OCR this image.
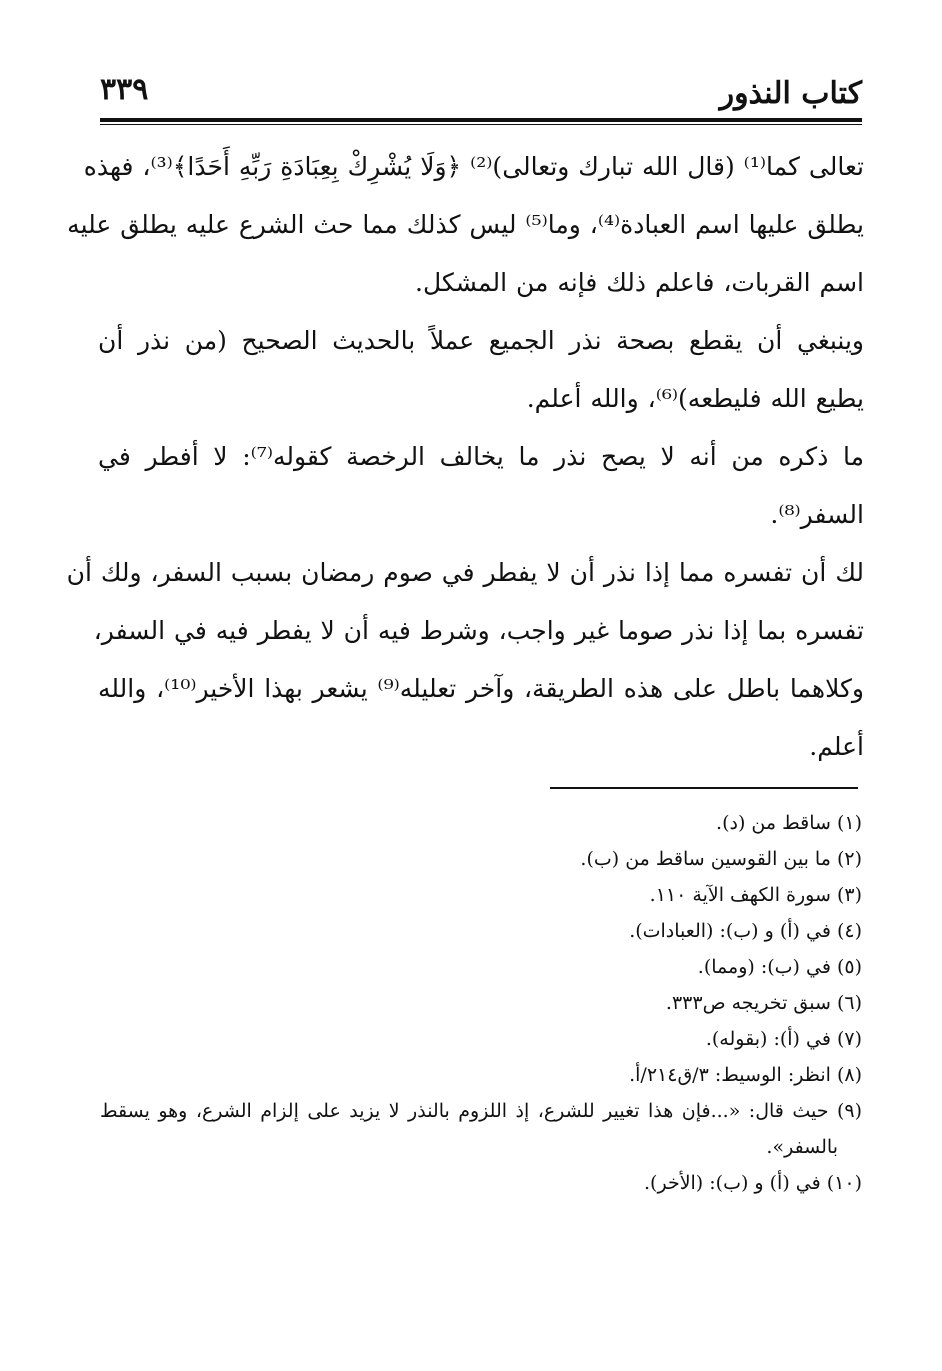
كتاب النذور
٣٣٩
تعالى كما⁽¹⁾ (قال الله تبارك وتعالى)⁽²⁾ ﴿وَلَا يُشْرِكْ بِعِبَادَةِ رَبِّهِ أَحَدًا﴾⁽³⁾، فهذه
يطلق عليها اسم العبادة⁽⁴⁾، وما⁽⁵⁾ ليس كذلك مما حث الشرع عليه يطلق عليه
اسم القربات، فاعلم ذلك فإنه من المشكل.
وينبغي أن يقطع بصحة نذر الجميع عملاً بالحديث الصحيح (من نذر أن
يطيع الله فليطعه)⁽⁶⁾، والله أعلم.
ما ذكره من أنه لا يصح نذر ما يخالف الرخصة كقوله⁽⁷⁾: لا أفطر في
السفر⁽⁸⁾.
لك أن تفسره مما إذا نذر أن لا يفطر في صوم رمضان بسبب السفر، ولك أن
تفسره بما إذا نذر صوما غير واجب، وشرط فيه أن لا يفطر فيه في السفر،
وكلاهما باطل على هذه الطريقة، وآخر تعليله⁽⁹⁾ يشعر بهذا الأخير⁽¹⁰⁾، والله
أعلم.
(١) ساقط من (د).
(٢) ما بين القوسين ساقط من (ب).
(٣) سورة الكهف الآية ١١٠.
(٤) في (أ) و (ب): (العبادات).
(٥) في (ب): (ومما).
(٦) سبق تخريجه ص٣٣٣.
(٧) في (أ): (بقوله).
(٨) انظر: الوسيط: ٣/ق٢١٤/أ.
(٩) حيث قال: «...فإن هذا تغيير للشرع، إذ اللزوم بالنذر لا يزيد على إلزام الشرع، وهو يسقط
بالسفر».
(١٠) في (أ) و (ب): (الأخر).
